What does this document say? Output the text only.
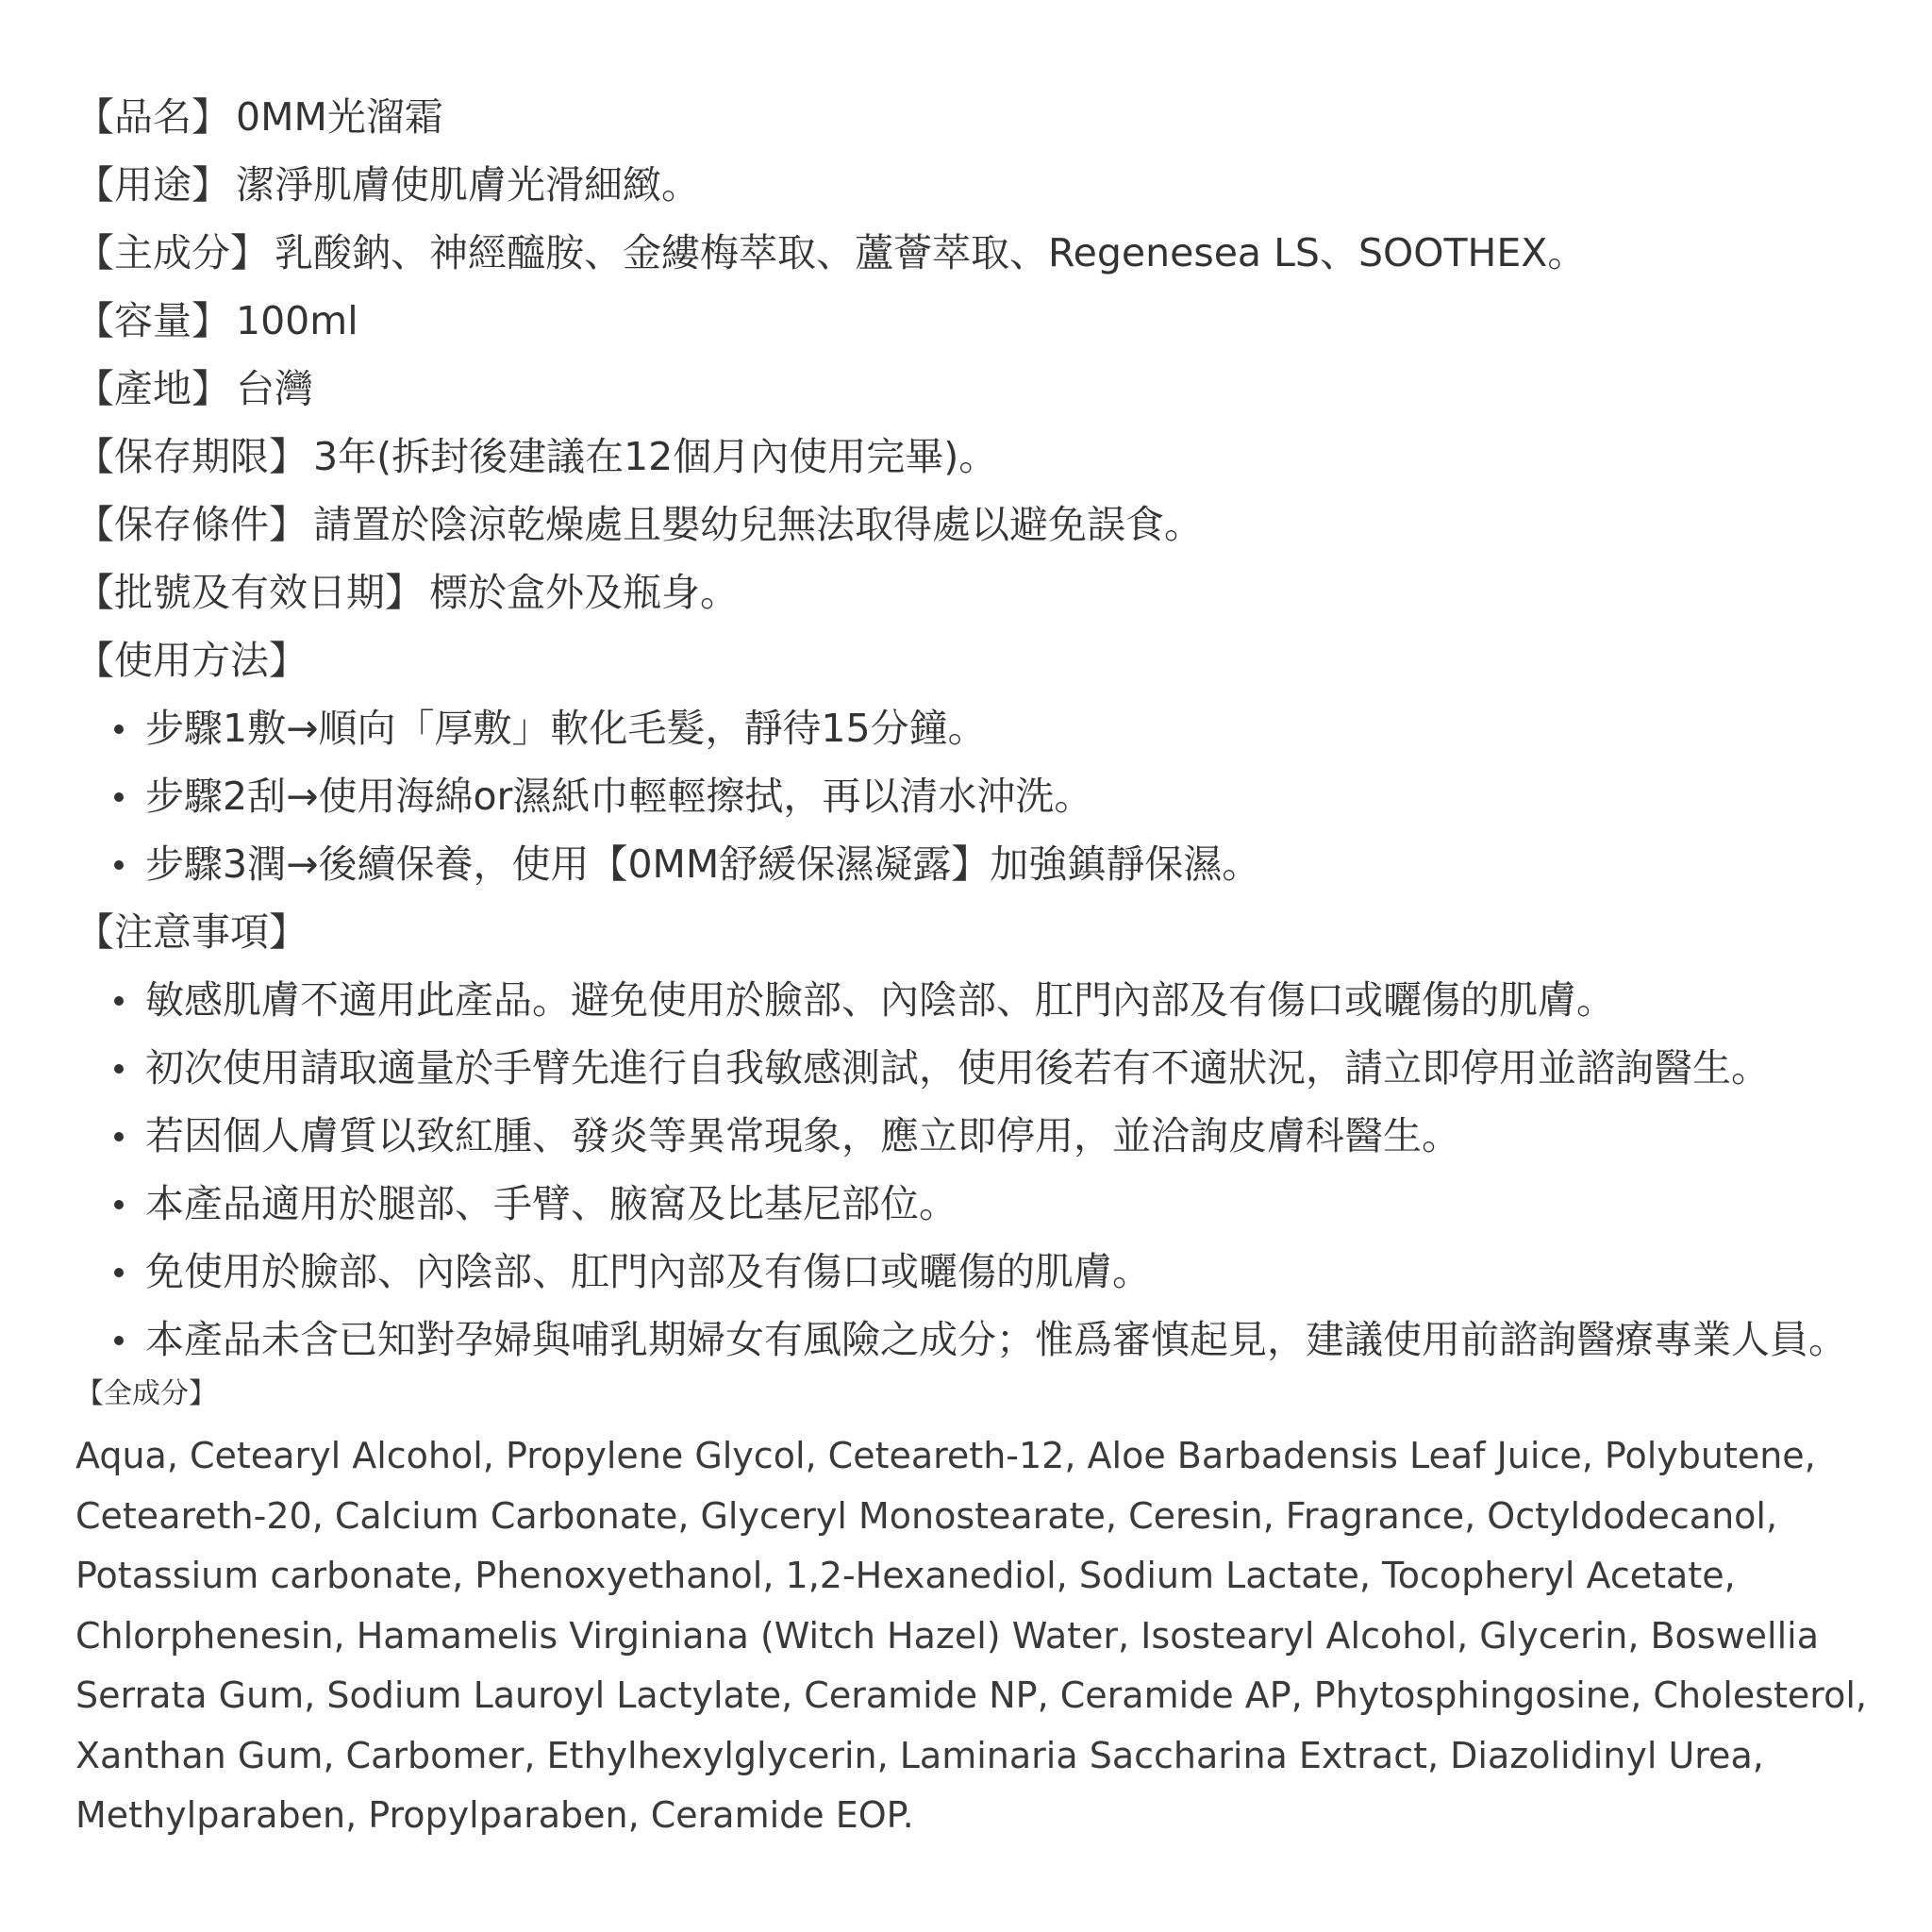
【品名】 0MM光溜霜
【用途】 潔淨肌膚使肌膚光滑細緻。
【主成分】 乳酸鈉、神經醯胺、金縷梅萃取、蘆薈萃取、Regenesea LS、SOOTHEX。
【容量】 100ml
【產地】 台灣
【保存期限】 3年(拆封後建議在12個月內使用完畢)。
【保存條件】 請置於陰涼乾燥處且嬰幼兒無法取得處以避免誤食。
【批號及有效日期】 標於盒外及瓶身。
【使用方法】
步驟1敷→順向「厚敷」軟化毛髮，靜待15分鐘。
步驟2刮→使用海綿or濕紙巾輕輕擦拭，再以清水沖洗。
步驟3潤→後續保養，使用【0MM舒緩保濕凝露】加強鎮靜保濕。
【注意事項】
敏感肌膚不適用此產品。避免使用於臉部、內陰部、肛門內部及有傷口或曬傷的肌膚。
初次使用請取適量於手臂先進行自我敏感測試，使用後若有不適狀況，請立即停用並諮詢醫生。
若因個人膚質以致紅腫、發炎等異常現象，應立即停用，並洽詢皮膚科醫生。
本產品適用於腿部、手臂、腋窩及比基尼部位。
免使用於臉部、內陰部、肛門內部及有傷口或曬傷的肌膚。
本產品未含已知對孕婦與哺乳期婦女有風險之成分；惟爲審慎起見，建議使用前諮詢醫療專業人員。
【全成分】
Aqua, Cetearyl Alcohol, Propylene Glycol, Ceteareth-12, Aloe Barbadensis Leaf Juice, Polybutene, Ceteareth-20, Calcium Carbonate, Glyceryl Monostearate, Ceresin, Fragrance, Octyldodecanol, Potassium carbonate, Phenoxyethanol, 1,2-Hexanediol, Sodium Lactate, Tocopheryl Acetate, Chlorphenesin, Hamamelis Virginiana (Witch Hazel) Water, Isostearyl Alcohol, Glycerin, Boswellia Serrata Gum, Sodium Lauroyl Lactylate, Ceramide NP, Ceramide AP, Phytosphingosine, Cholesterol, Xanthan Gum, Carbomer, Ethylhexylglycerin, Laminaria Saccharina Extract, Diazolidinyl Urea, Methylparaben, Propylparaben, Ceramide EOP.
